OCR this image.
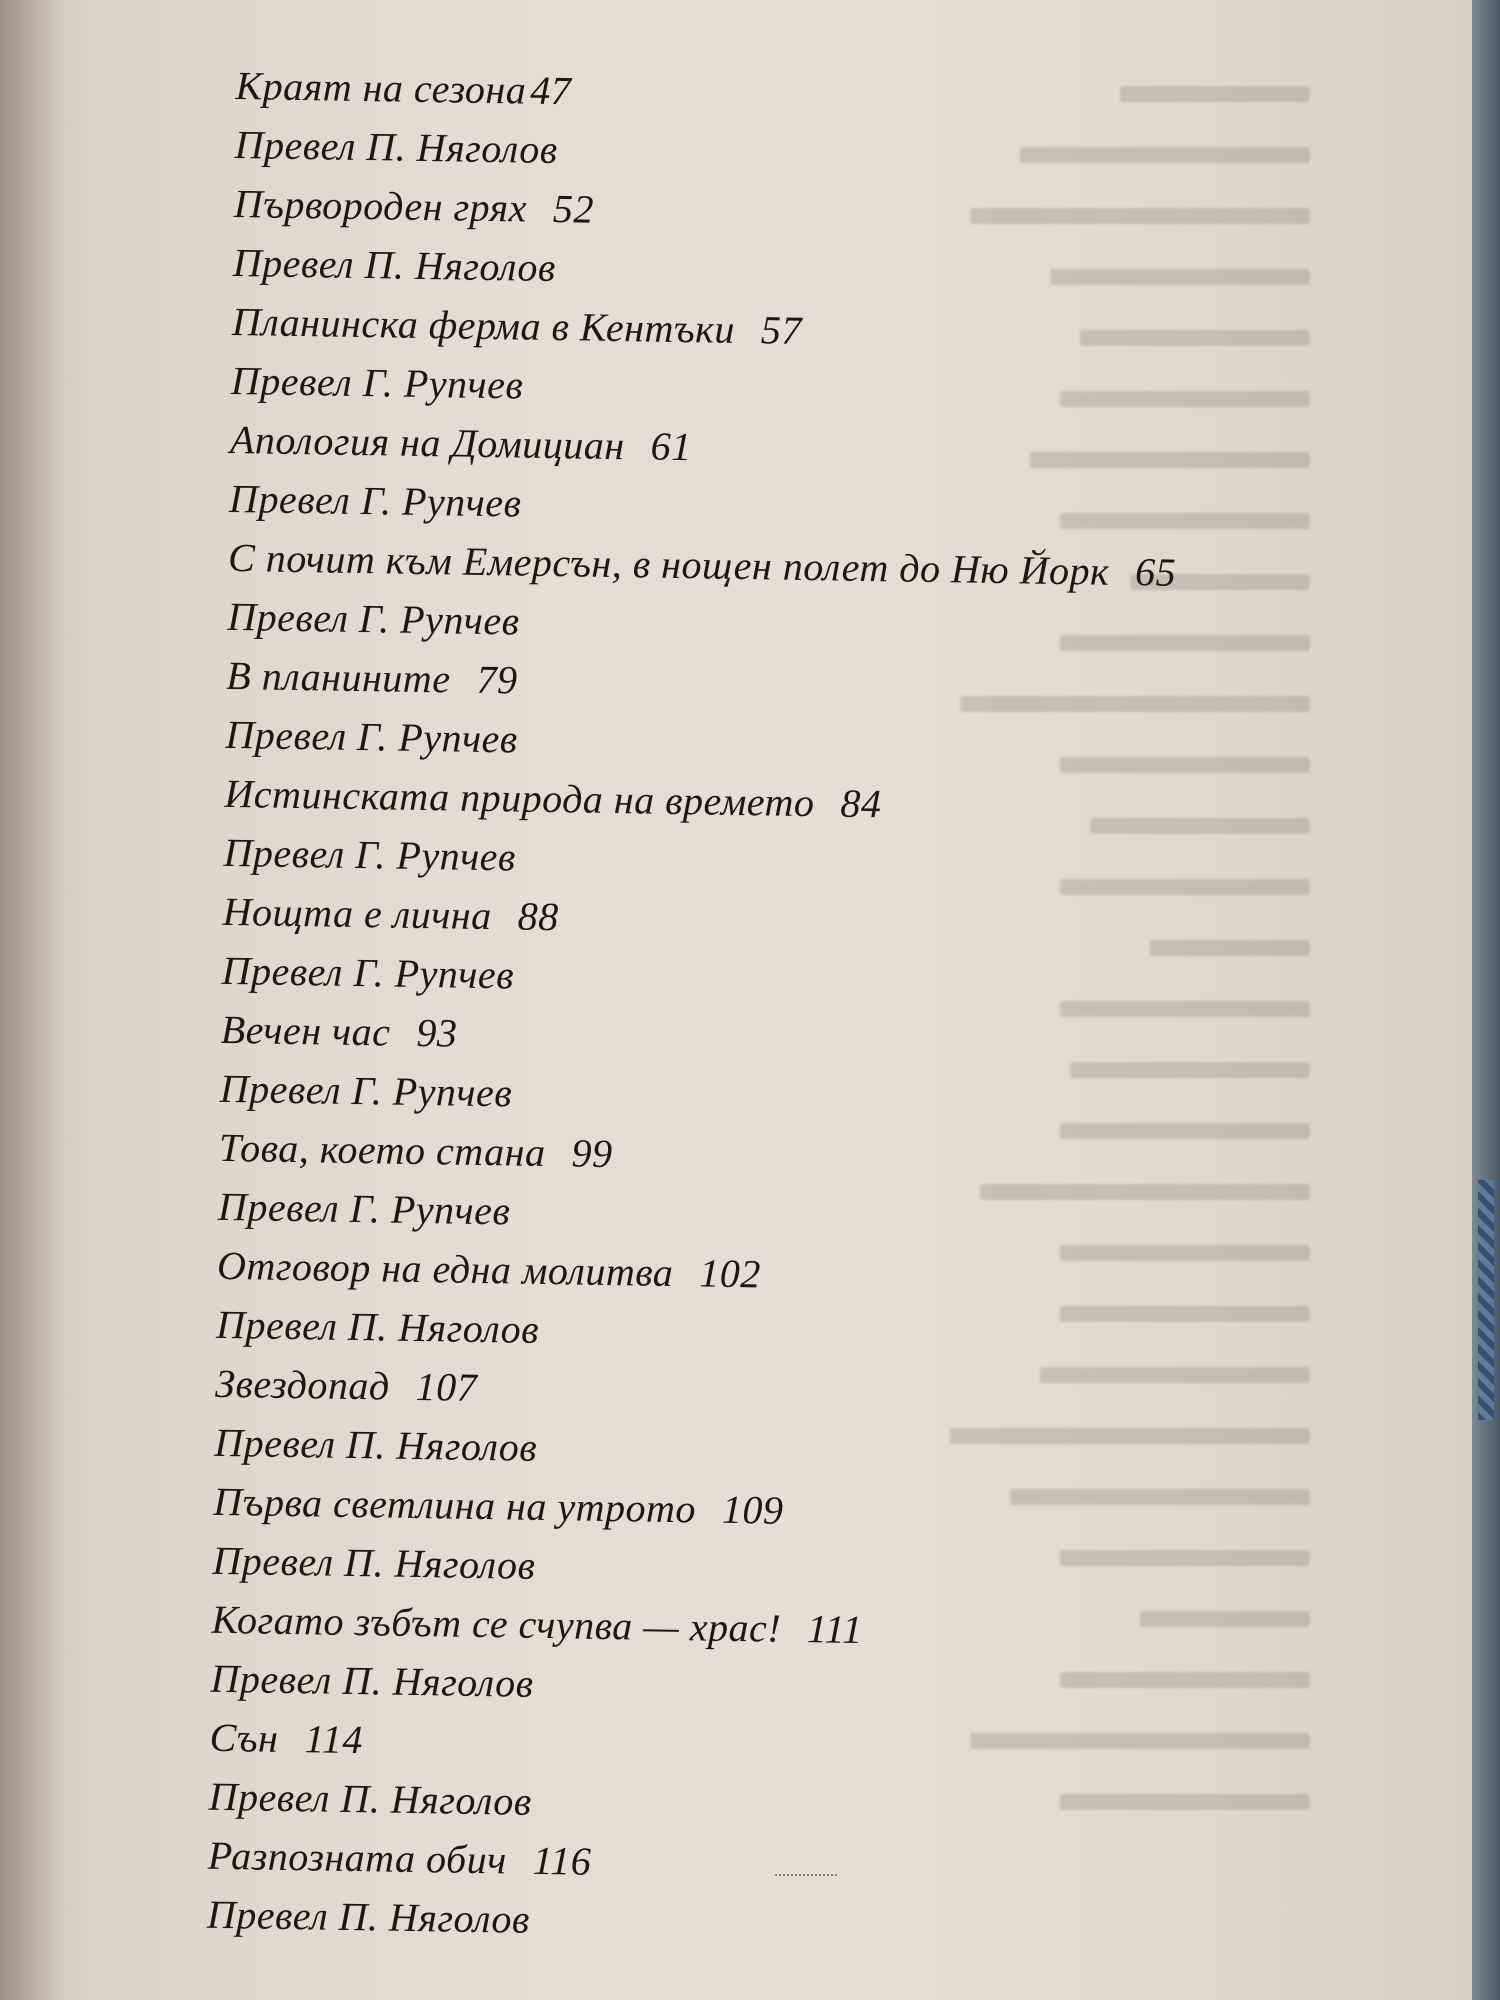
Краят на сезона47
Превел П. Няголов
Първороден грях 52
Превел П. Няголов
Планинска ферма в Кентъки 57
Превел Г. Рупчев
Апология на Домициан 61
Превел Г. Рупчев
С почит към Емерсън, в нощен полет до Ню Йорк 65
Превел Г. Рупчев
В планините 79
Превел Г. Рупчев
Истинската природа на времето 84
Превел Г. Рупчев
Нощта е лична 88
Превел Г. Рупчев
Вечен час 93
Превел Г. Рупчев
Това, което стана 99
Превел Г. Рупчев
Отговор на една молитва 102
Превел П. Няголов
Звездопад 107
Превел П. Няголов
Първа светлина на утрото 109
Превел П. Няголов
Когато зъбът се счупва — храс! 111
Превел П. Няголов
Сън 114
Превел П. Няголов
Разпозната обич 116
Превел П. Няголов
